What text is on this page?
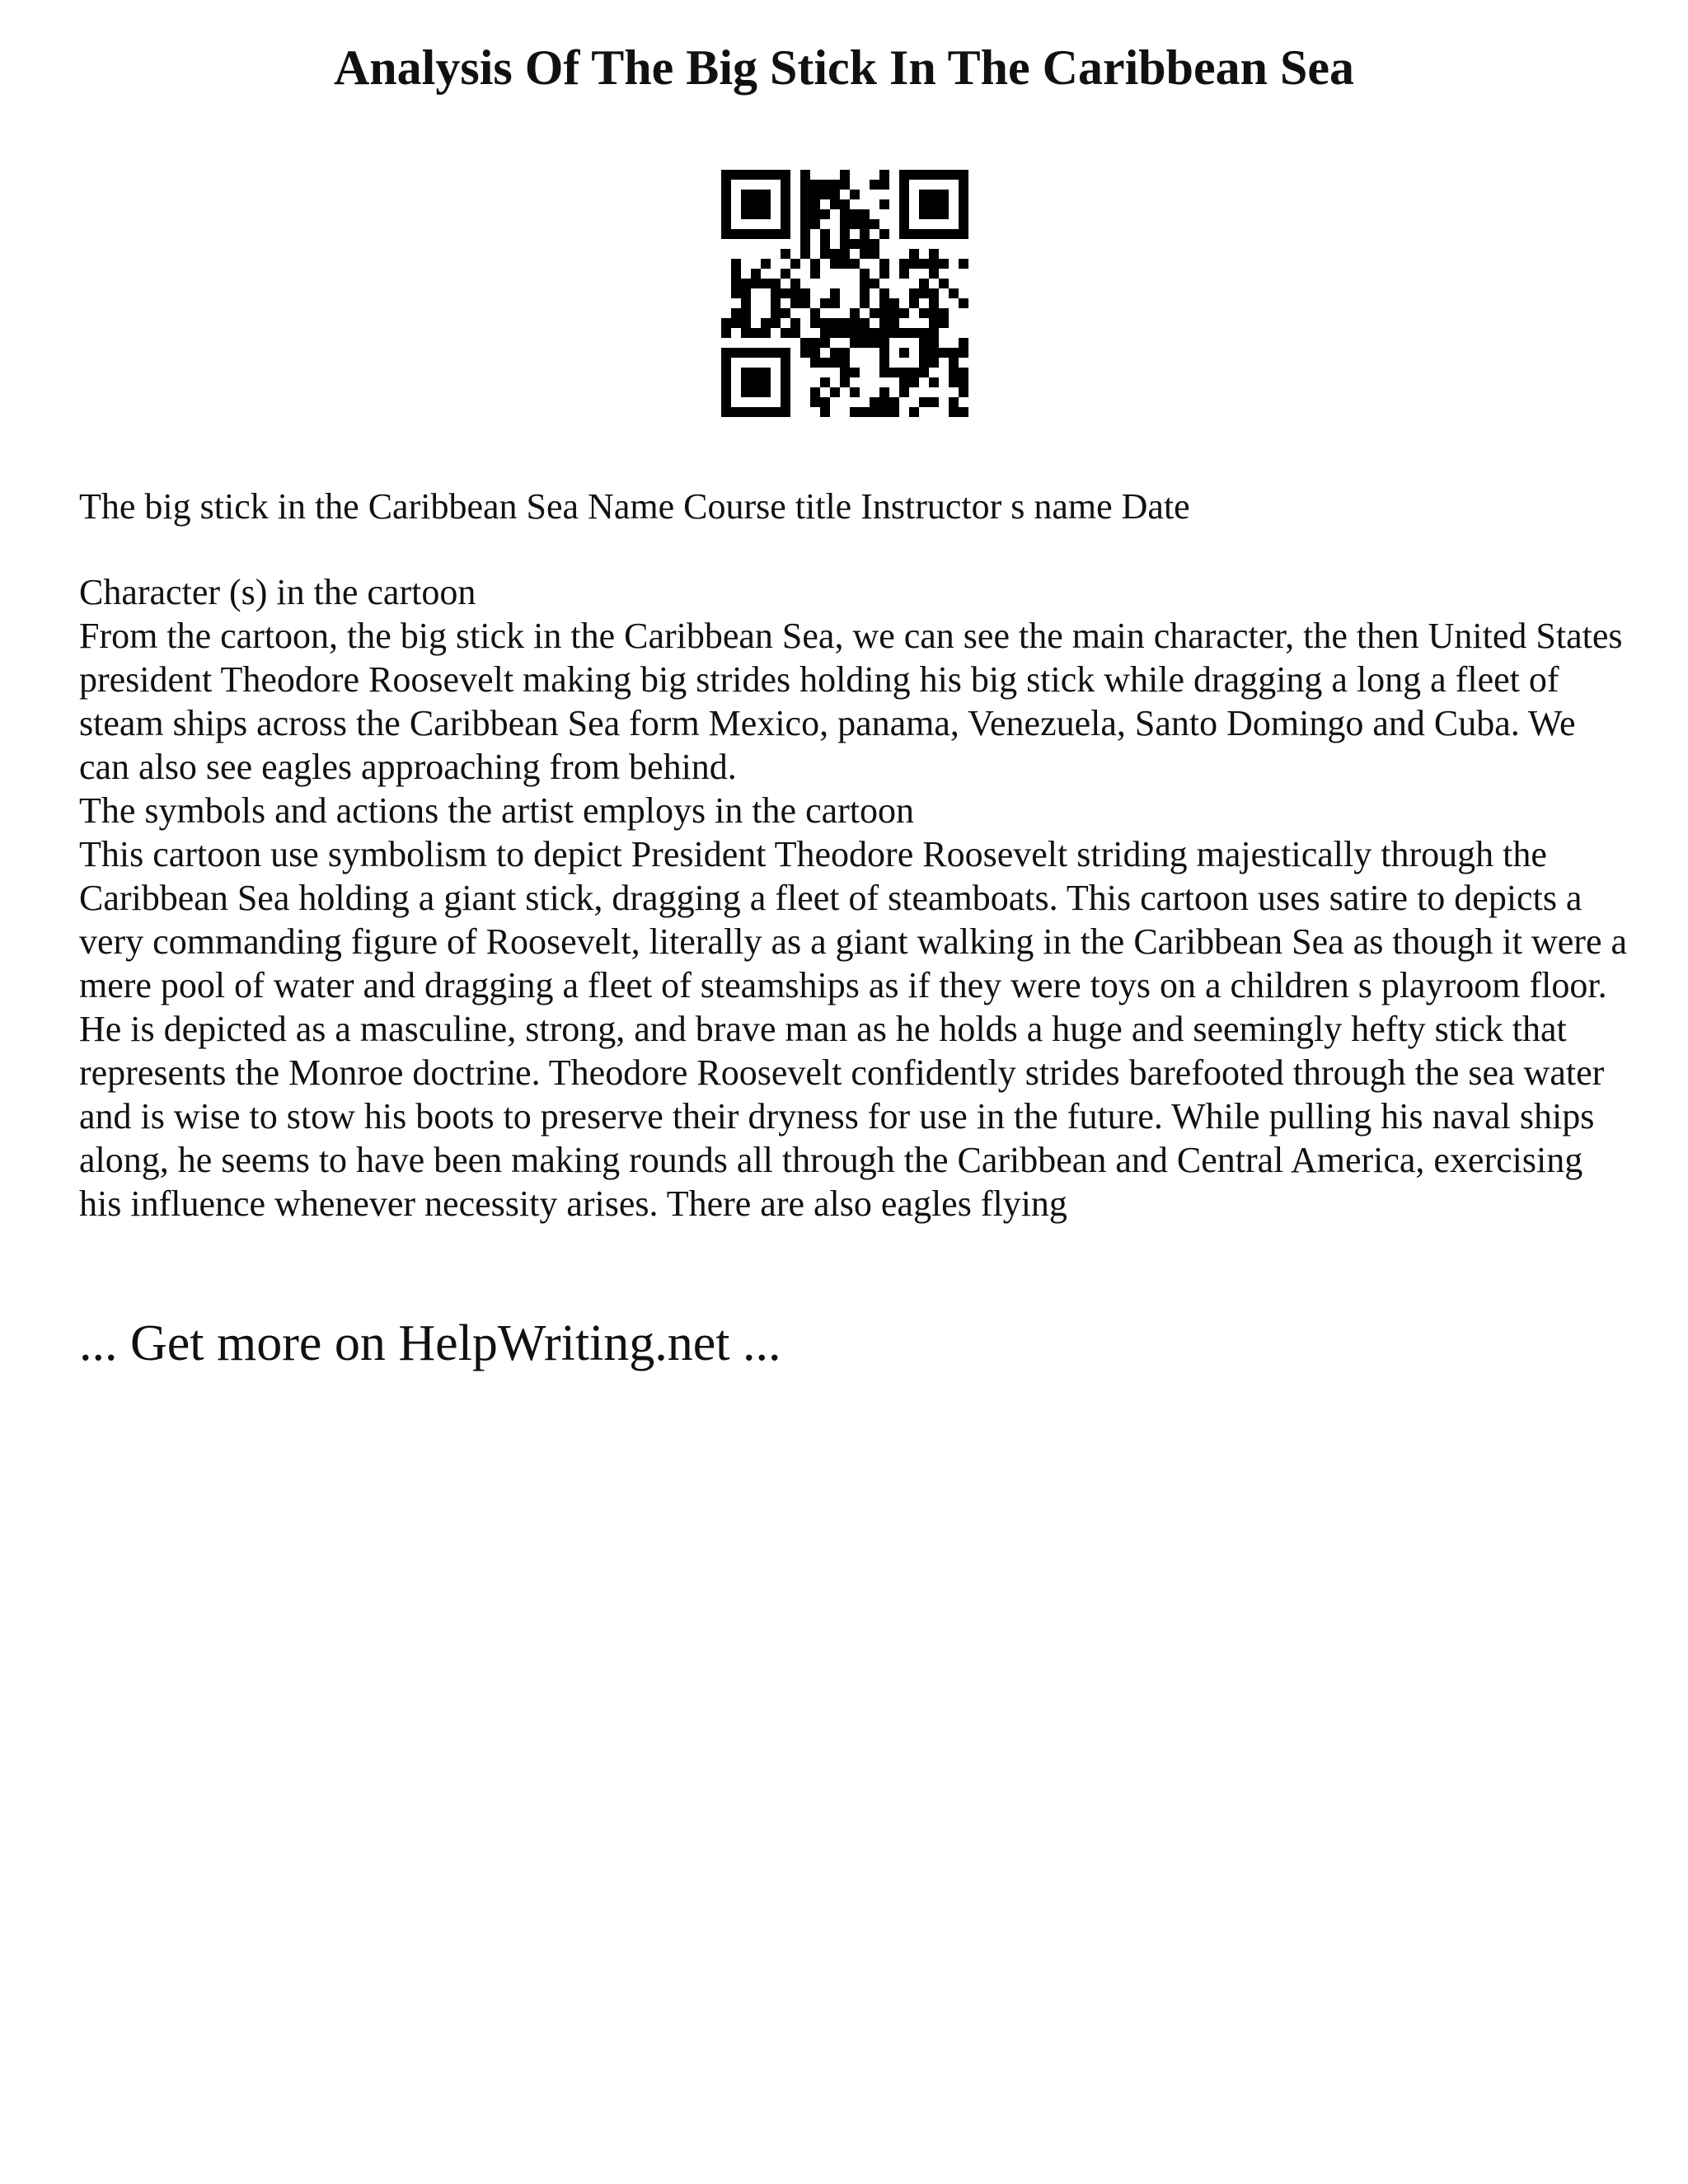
Analysis Of The Big Stick In The Caribbean Sea

The big stick in the Caribbean Sea Name Course title Instructor s name Date

Character (s) in the cartoon

From the cartoon, the big stick in the Caribbean Sea, we can see the main character, the then United States president Theodore Roosevelt making big strides holding his big stick while dragging a long a fleet of steam ships across the Caribbean Sea form Mexico, panama, Venezuela, Santo Domingo and Cuba. We can also see eagles approaching from behind.

The symbols and actions the artist employs in the cartoon

This cartoon use symbolism to depict President Theodore Roosevelt striding majestically through the Caribbean Sea holding a giant stick, dragging a fleet of steamboats. This cartoon uses satire to depicts a very commanding figure of Roosevelt, literally as a giant walking in the Caribbean Sea as though it were a mere pool of water and dragging a fleet of steamships as if they were toys on a children s playroom floor. He is depicted as a masculine, strong, and brave man as he holds a huge and seemingly hefty stick that represents the Monroe doctrine. Theodore Roosevelt confidently strides barefooted through the sea water and is wise to stow his boots to preserve their dryness for use in the future. While pulling his naval ships along, he seems to have been making rounds all through the Caribbean and Central America, exercising his influence whenever necessity arises. There are also eagles flying

... Get more on HelpWriting.net ...
